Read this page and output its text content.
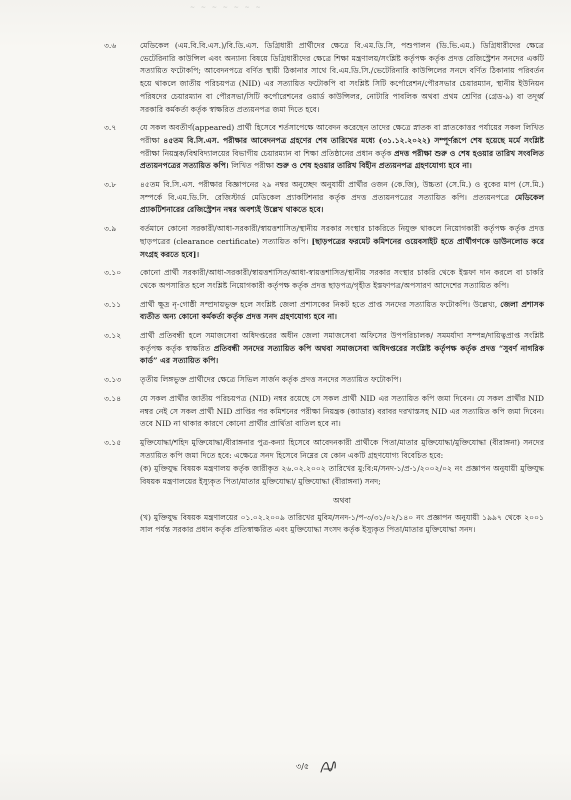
~ ~ ~ ~ ~ ~ ~
৩.৬	মেডিকেল (এম.বি.বি.এস.)/বি.ডি.এস. ডিগ্রিধারী প্রার্থীদের ক্ষেত্রে বি.এম.ডি.সি, পশুপালন (ডি.ভি.এম.) ডিগ্রিধারীদের ক্ষেত্রে ভেটেরিনারি কাউন্সিল এবং অন্যান্য বিষয়ে ডিগ্রিধারীদের ক্ষেত্রে শিক্ষা মন্ত্রণালয়/সংশ্লিষ্ট কর্তৃপক্ষ কর্তৃক প্রদত্ত রেজিস্ট্রেশন সনদের একটি সত্যায়িত ফটোকপি; আবেদনপত্রে বর্ণিত স্থায়ী ঠিকানার সাথে বি.এম.ডি.সি./ভেটেরিনারি কাউন্সিলের সনদে বর্ণিত ঠিকানায় পরিবর্তন হয়ে থাকলে জাতীয় পরিচয়পত্র (NID) এর সত্যায়িত ফটোকপি বা সংশ্লিষ্ট সিটি কর্পোরেশন/পৌরসভার চেয়ারম্যান, স্থানীয় ইউনিয়ন পরিষদের চেয়ারম্যান বা পৌরসভা/সিটি কর্পোরেশনের ওয়ার্ড কাউন্সিলর, নোটারি পাবলিক অথবা প্রথম শ্রেণির (গ্রেড-৯) বা তদূর্ধ্ব সরকারি কর্মকর্তা কর্তৃক স্বাক্ষরিত প্রত্যয়নপত্র জমা দিতে হবে।
৩.৭	যে সকল অবতীর্ণ(appeared) প্রার্থী হিসেবে শর্তসাপেক্ষে আবেদন করেছেন তাদের ক্ষেত্রে স্নাতক বা স্নাতকোত্তর পর্যায়ের সকল লিখিত পরীক্ষা ৪৫তম বি.সি.এস. পরীক্ষার আবেদনপত্র গ্রহণের শেষ তারিখের মধ্যে (৩১.১২.২০২২) সম্পূর্ণরূপে শেষ হয়েছে মর্মে সংশ্লিষ্ট পরীক্ষা নিয়ন্ত্রক/বিশ্ববিদ্যালয়ের বিভাগীয় চেয়ারম্যান বা শিক্ষা প্রতিষ্ঠানের প্রধান কর্তৃক প্রদত্ত পরীক্ষা শুরু ও শেষ হওয়ার তারিখ সংবলিত প্রত্যয়নপত্রের সত্যায়িত কপি। লিখিত পরীক্ষা শুরু ও শেষ হওয়ার তারিখ বিহীন প্রত্যয়নপত্র গ্রহণযোগ্য হবে না।
৩.৮	৪৫তম বি.সি.এস. পরীক্ষার বিজ্ঞাপনের ২৯ নম্বর অনুচ্ছেদ অনুযায়ী প্রার্থীর ওজন (কে.জি), উচ্চতা (সে.মি.) ও বুকের মাপ (সে.মি.) সম্পর্কে বি.এম.ডি.সি. রেজিস্টার্ড মেডিকেল প্র্যাকটিশনার কর্তৃক প্রদত্ত প্রত্যয়নপত্রের সত্যায়িত কপি। প্রত্যয়নপত্রে মেডিকেল প্র্যাকটিশনারের রেজিস্ট্রেশন নম্বর অবশ্যই উল্লেখ থাকতে হবে।
৩.৯	বর্তমানে কোনো সরকারী/আধা-সরকারী/স্বায়ত্তশাসিত/স্থানীয় সরকার সংস্থার চাকরিতে নিযুক্ত থাকলে নিয়োগকারী কর্তৃপক্ষ কর্তৃক প্রদত্ত ছাড়পত্রের (clearance certificate) সত্যায়িত কপি। [ছাড়পত্রের ফরমেট কমিশনের ওয়েবসাইট হতে প্রার্থীগণকে ডাউনলোড করে সংগ্রহ করতে হবে]।
৩.১০	কোনো প্রার্থী সরকারী/আধা-সরকারী/স্বায়ত্তশাসিত/আধা-স্বায়ত্তশাসিত/স্থানীয় সরকার সংস্থার চাকরি থেকে ইস্তফা দান করলে বা চাকরি থেকে অপসারিত হলে সংশ্লিষ্ট নিয়োগকারী কর্তৃপক্ষ কর্তৃক প্রদত্ত ছাড়পত্র/গৃহীত ইস্তফাপত্র/অপসারণ আদেশের সত্যায়িত কপি।
৩.১১	প্রার্থী ক্ষুদ্র নৃ-গোষ্ঠী সম্প্রদায়ভুক্ত হলে সংশ্লিষ্ট জেলা প্রশাসকের নিকট হতে প্রাপ্ত সনদের সত্যায়িত ফটোকপি। উল্লেখ্য, জেলা প্রশাসক ব্যতীত অন্য কোনো কর্মকর্তা কর্তৃক প্রদত্ত সনদ গ্রহণযোগ্য হবে না।
৩.১২	প্রার্থী প্রতিবন্ধী হলে সমাজসেবা অধিদপ্তরের অধীন জেলা সমাজসেবা অফিসের উপপরিচালক/ সমমর্যাদা সম্পন্ন/দায়িত্বপ্রাপ্ত সংশ্লিষ্ট কর্তৃপক্ষ কর্তৃক স্বাক্ষরিত প্রতিবন্ধী সনদের সত্যায়িত কপি অথবা সমাজসেবা অধিদপ্তরের সংশ্লিষ্ট কর্তৃপক্ষ কর্তৃক প্রদত্ত “সুবর্ণ নাগরিক কার্ড” এর সত্যায়িত কপি।
৩.১৩	তৃতীয় লিঙ্গভুক্ত প্রার্থীদের ক্ষেত্রে সিভিল সার্জন কর্তৃক প্রদত্ত সনদের সত্যায়িত ফটোকপি।
৩.১৪	যে সকল প্রার্থীর জাতীয় পরিচয়পত্র (NID) নম্বর রয়েছে সে সকল প্রার্থী NID এর সত্যায়িত কপি জমা দিবেন। যে সকল প্রার্থীর NID নম্বর নেই সে সকল প্রার্থী NID প্রাপ্তির পর কমিশনের পরীক্ষা নিয়ন্ত্রক (ক্যাডার) বরাবর দরখাস্তসহ NID এর সত্যায়িত কপি জমা দিবেন। তবে NID না থাকার কারণে কোনো প্রার্থীর প্রার্থিতা বাতিল হবে না।
৩.১৫	মুক্তিযোদ্ধা/শহিদ মুক্তিযোদ্ধা/বীরাঙ্গনার পুত্র-কন্যা হিসেবে আবেদনকারী প্রার্থীকে পিতা/মাতার মুক্তিযোদ্ধা/মুক্তিযোদ্ধা (বীরাঙ্গনা) সনদের সত্যায়িত কপি জমা দিতে হবে: এক্ষেত্রে সনদ হিসেবে নিম্নের যে কোন একটি গ্রহণযোগ্য বিবেচিত হবে:
(ক) মুক্তিযুদ্ধ বিষয়ক মন্ত্রণালয় কর্তৃক জারীকৃত ২৬.০২.২০০২ তারিখের মু:বি:ম/সনদ-১/প্র-১/২০০২/০২ নং প্রজ্ঞাপন অনুযায়ী মুক্তিযুদ্ধ বিষয়ক মন্ত্রণালয়ের ইস্যুকৃত পিতা/মাতার মুক্তিযোদ্ধা/ মুক্তিযোদ্ধা (বীরাঙ্গনা) সনদ;
অথবা
(খ) মুক্তিযুদ্ধ বিষয়ক মন্ত্রণালয়ের ০১.০২.২০০৯ তারিখের মুবিম/সনদ-১/প-৩/৩১/০২/১৪০ নং প্রজ্ঞাপন অনুযায়ী ১৯৯৭ থেকে ২০০১ সাল পর্যন্ত সরকার প্রধান কর্তৃক প্রতিস্বাক্ষরিত এবং মুক্তিযোদ্ধা সংসদ কর্তৃক ইস্যুকৃত পিতা/মাতার মুক্তিযোদ্ধা সনদ।
৩/৫
